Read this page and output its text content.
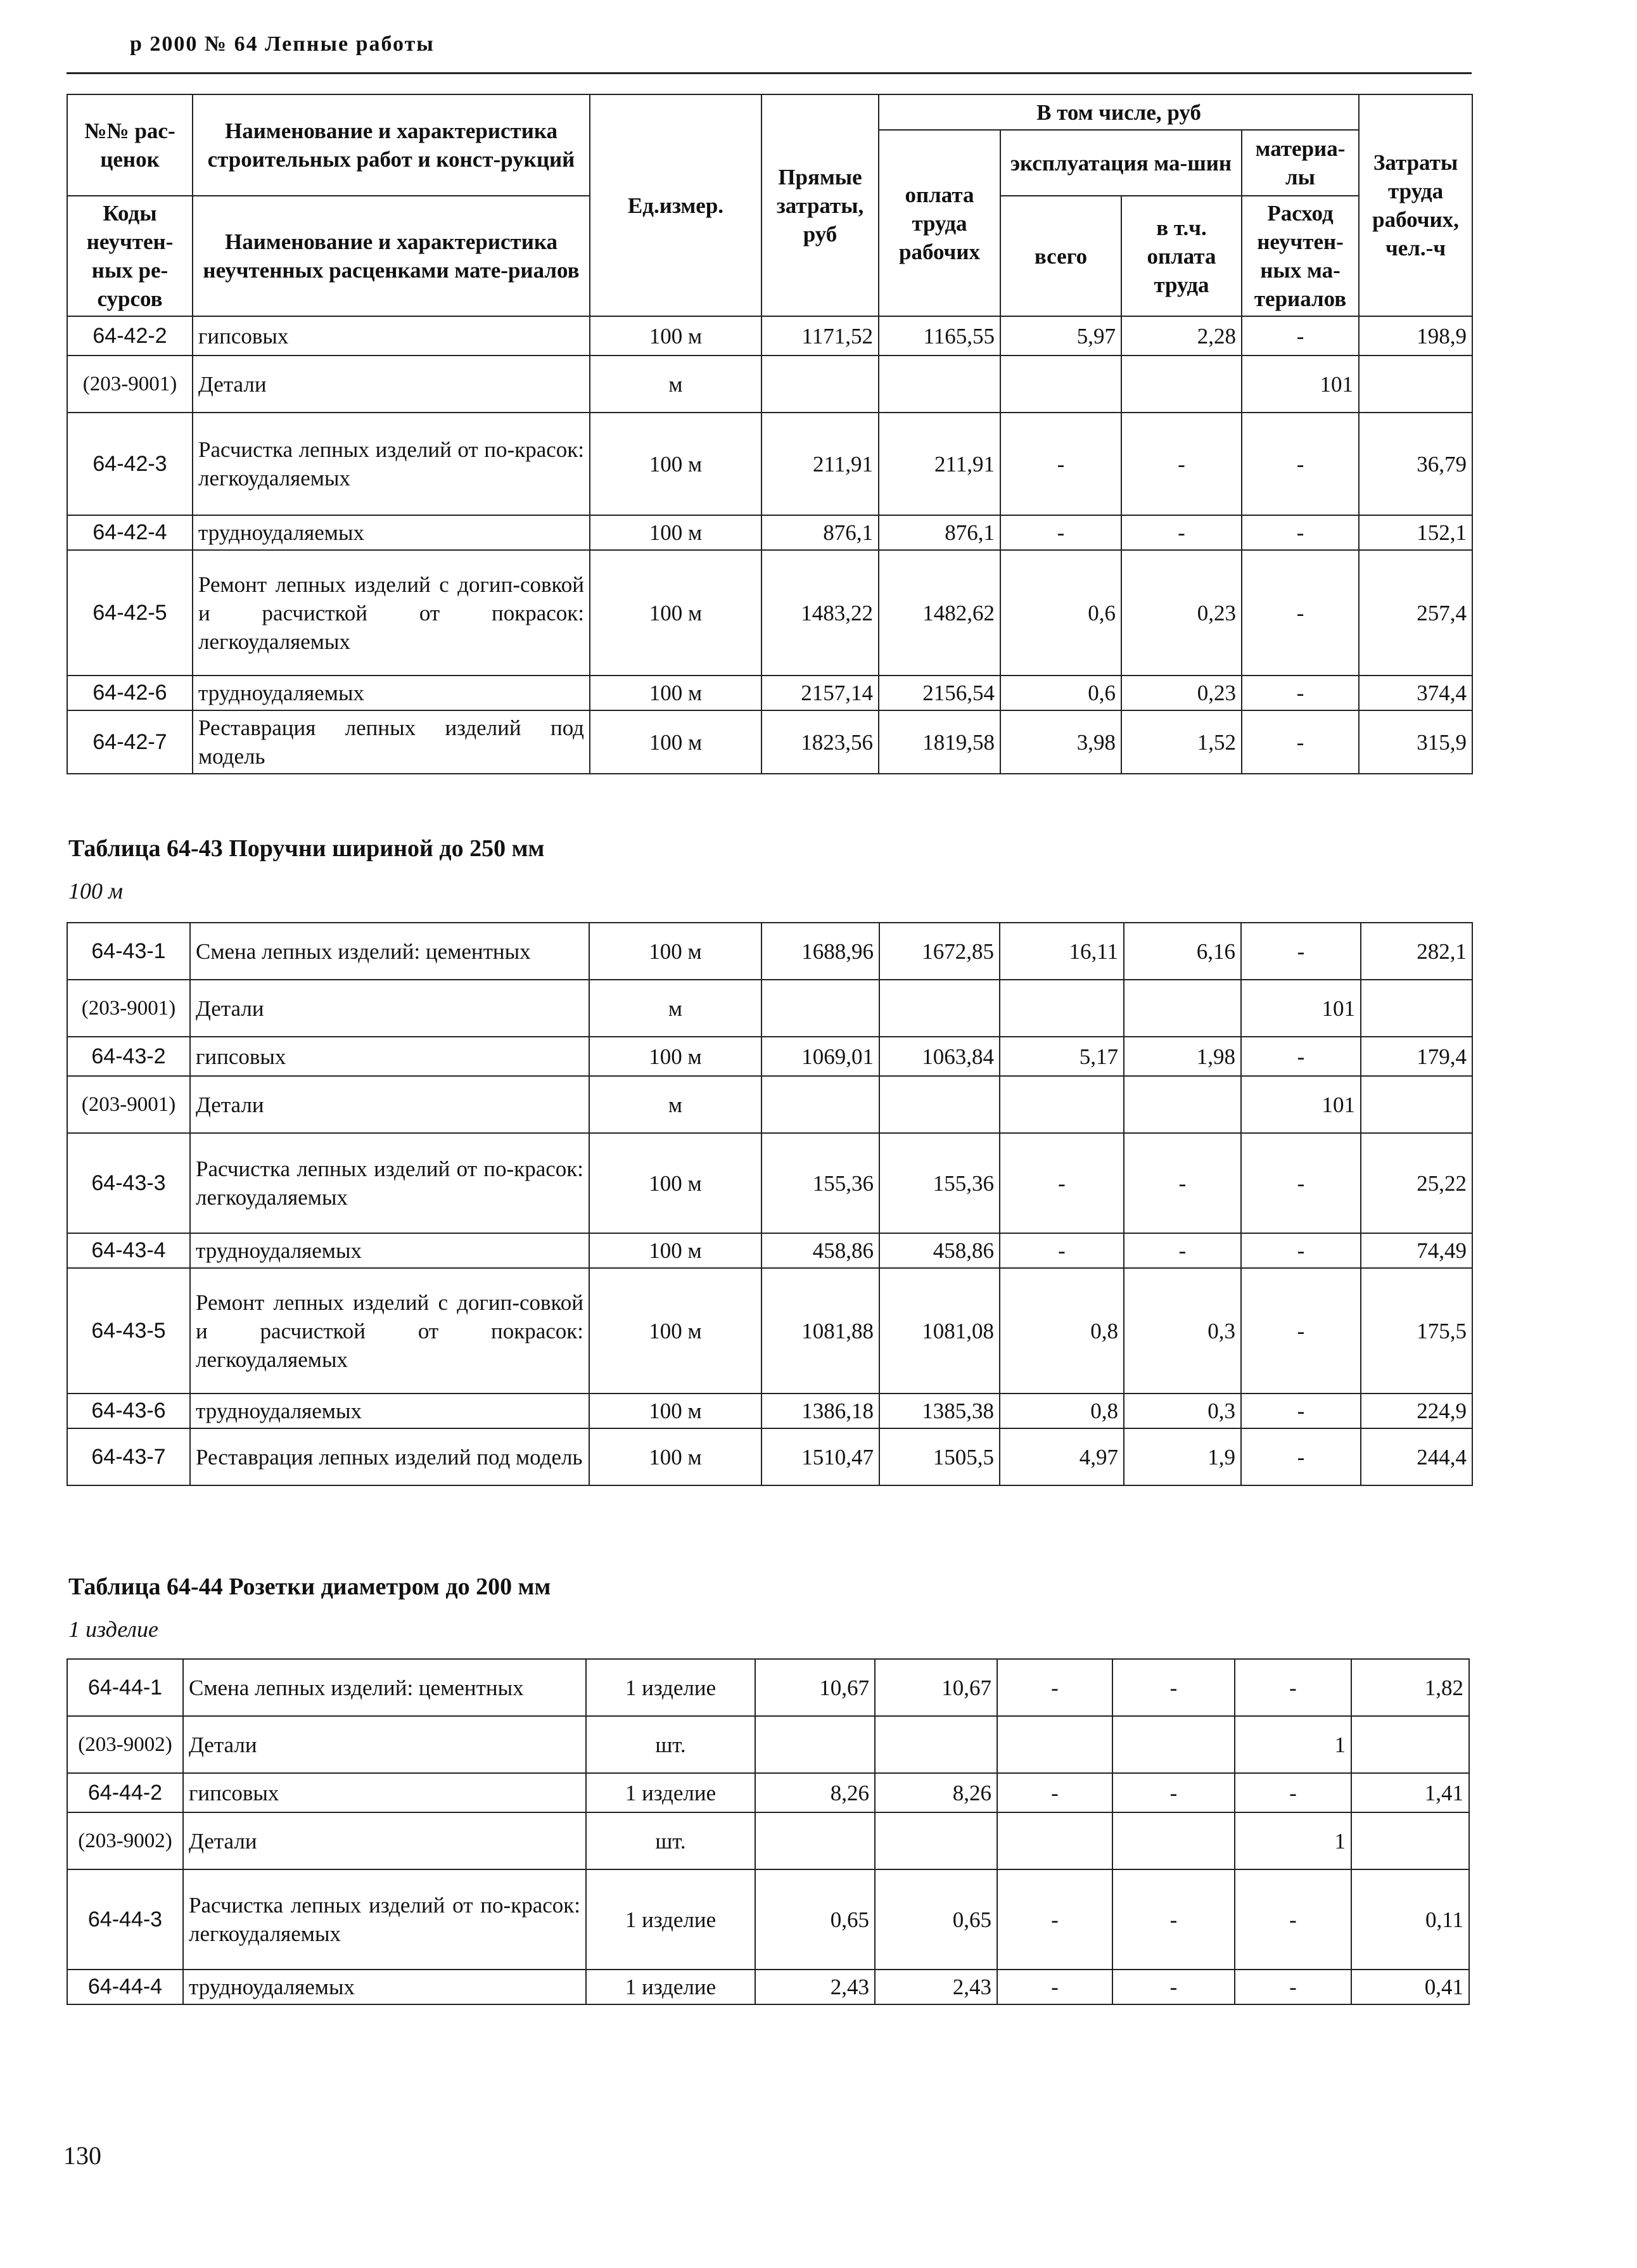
р 2000 № 64 Лепные работы
№№ рас-ценок	Наименование и характеристика строительных работ и конст-рукций	Ед.измер.	Прямые затраты, руб	В том числе, руб				Затраты труда рабочих, чел.-ч
				оплата труда рабочих	эксплуатация ма-шин		материа-лы	

Коды неучтен-ных ре-сурсов	Наименование и характеристика неучтенных расценками мате-риалов				всего	в т.ч. оплата труда	Расход неучтен-ных ма-териалов	

64-42-2	гипсовых	100 м	1171,52	1165,55	5,97	2,28	-	198,9
(203-9001)	Детали	м					101	
64-42-3	Расчистка лепных изделий от по-красок: легкоудаляемых	100 м	211,91	211,91	-	-	-	36,79
64-42-4	трудноудаляемых	100 м	876,1	876,1	-	-	-	152,1
64-42-5	Ремонт лепных изделий с догип-совкой и расчисткой от покрасок: легкоудаляемых	100 м	1483,22	1482,62	0,6	0,23	-	257,4
64-42-6	трудноудаляемых	100 м	2157,14	2156,54	0,6	0,23	-	374,4
64-42-7	Реставрация лепных изделий под модель	100 м	1823,56	1819,58	3,98	1,52	-	315,9
Таблица 64-43 Поручни шириной до 250 мм
100 м
64-43-1	Смена лепных изделий: цементных	100 м	1688,96	1672,85	16,11	6,16	-	282,1
(203-9001)	Детали	м					101	
64-43-2	гипсовых	100 м	1069,01	1063,84	5,17	1,98	-	179,4
(203-9001)	Детали	м					101	
64-43-3	Расчистка лепных изделий от по-красок: легкоудаляемых	100 м	155,36	155,36	-	-	-	25,22
64-43-4	трудноудаляемых	100 м	458,86	458,86	-	-	-	74,49
64-43-5	Ремонт лепных изделий с догип-совкой и расчисткой от покрасок: легкоудаляемых	100 м	1081,88	1081,08	0,8	0,3	-	175,5
64-43-6	трудноудаляемых	100 м	1386,18	1385,38	0,8	0,3	-	224,9
64-43-7	Реставрация лепных изделий под модель	100 м	1510,47	1505,5	4,97	1,9	-	244,4
Таблица 64-44 Розетки диаметром до 200 мм
1 изделие
64-44-1	Смена лепных изделий: цементных	1 изделие	10,67	10,67	-	-	-	1,82
(203-9002)	Детали	шт.					1	
64-44-2	гипсовых	1 изделие	8,26	8,26	-	-	-	1,41
(203-9002)	Детали	шт.					1	
64-44-3	Расчистка лепных изделий от по-красок: легкоудаляемых	1 изделие	0,65	0,65	-	-	-	0,11
64-44-4	трудноудаляемых	1 изделие	2,43	2,43	-	-	-	0,41
130
